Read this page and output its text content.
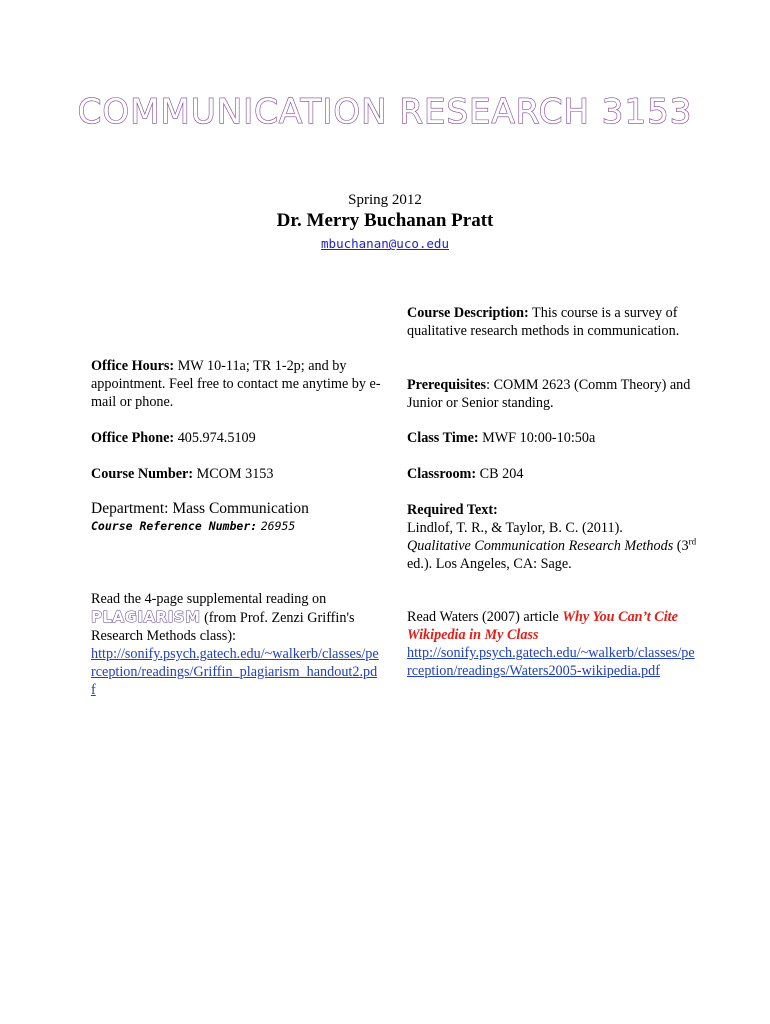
COMMUNICATION RESEARCH 3153
Spring 2012
Dr. Merry Buchanan Pratt
mbuchanan@uco.edu
Course Description: This course is a survey of qualitative research methods in communication.
Prerequisites: COMM 2623 (Comm Theory) and Junior or Senior standing.
Class Time: MWF 10:00-10:50a
Classroom: CB 204
Required Text:
Lindlof, T. R., & Taylor, B. C. (2011).
Qualitative Communication Research Methods (3rd ed.). Los Angeles, CA: Sage.
Read Waters (2007) article Why You Can’t Cite Wikipedia in My Class
http://sonify.psych.gatech.edu/~walkerb/classes/perception/readings/Waters2005-wikipedia.pdf
Office Hours: MW 10-11a; TR 1-2p; and by appointment. Feel free to contact me anytime by e-mail or phone.
Office Phone: 405.974.5109
Course Number: MCOM 3153
Department: Mass Communication
Course Reference Number: 26955
Read the 4-page supplemental reading on
PLAGIARISM (from Prof. Zenzi Griffin's Research Methods class):
http://sonify.psych.gatech.edu/~walkerb/classes/perception/readings/Griffin_plagiarism_handout2.pdf
